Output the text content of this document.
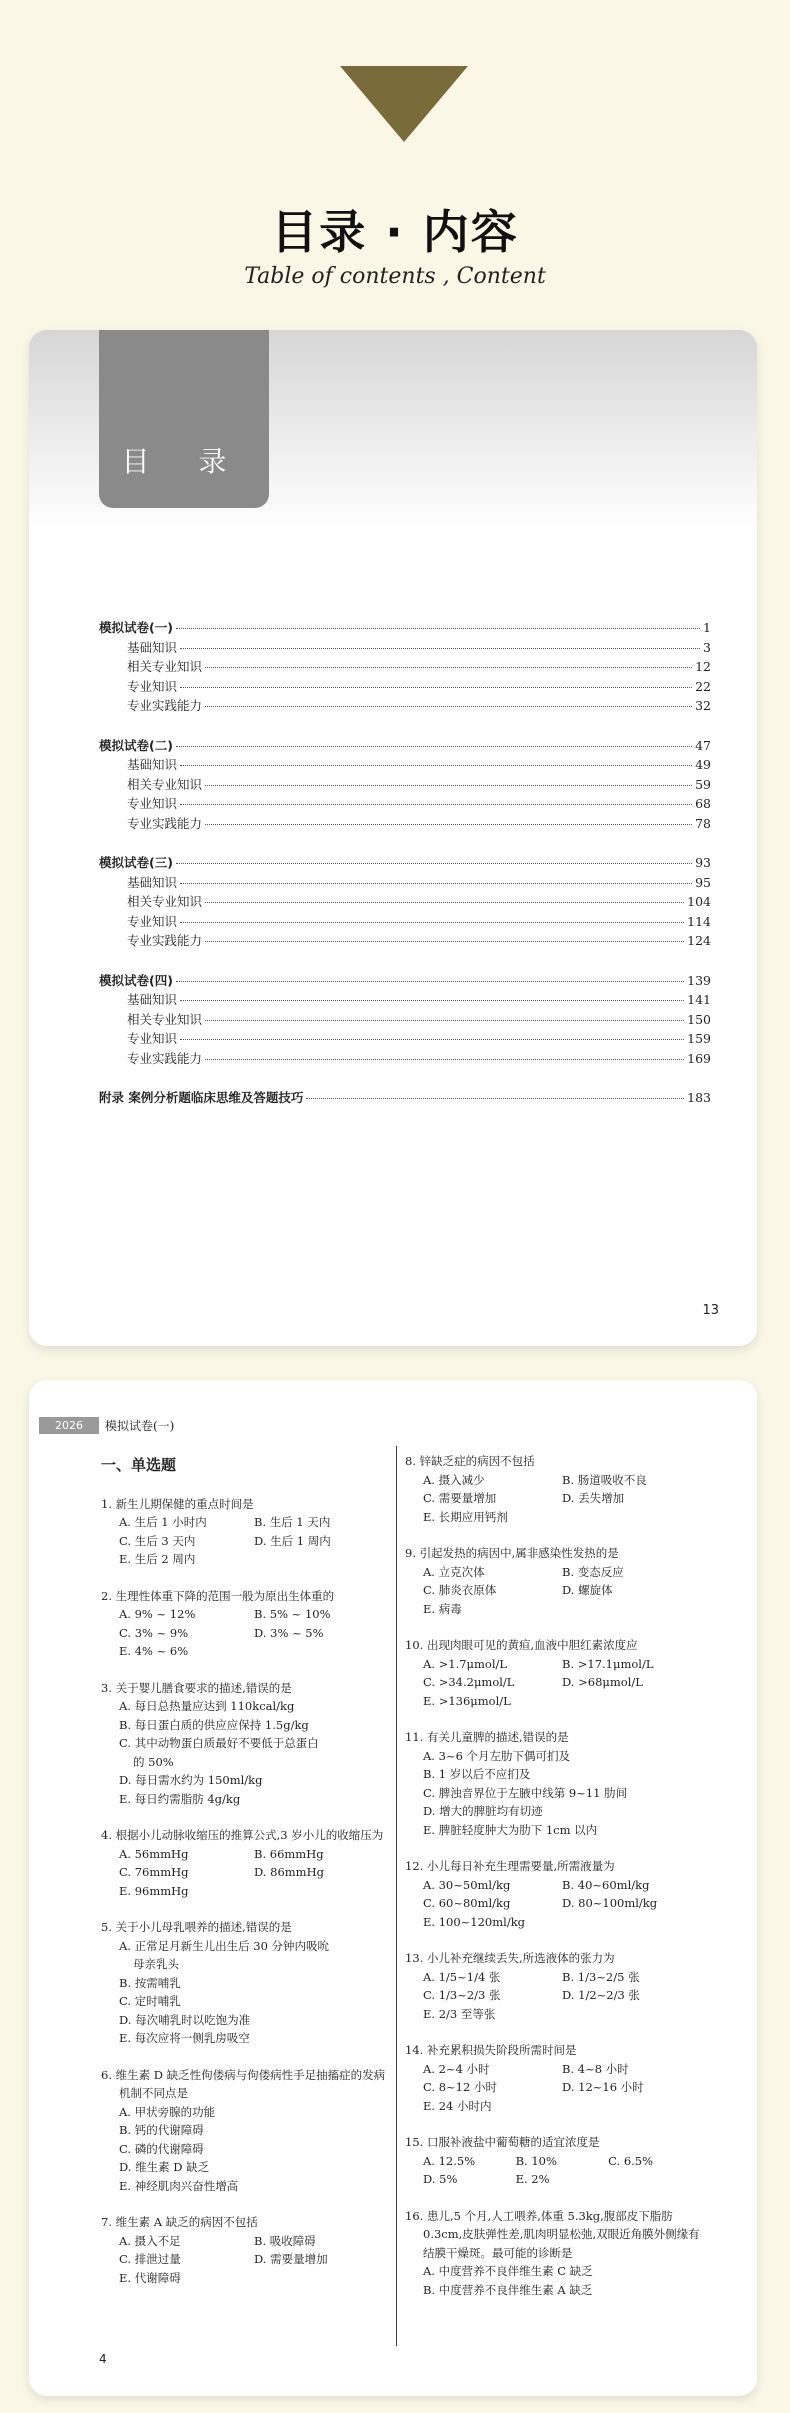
目录 · 内容
Table of contents , Content
目 录
模拟试卷(一)	1
基础知识	3
相关专业知识	12
专业知识	22
专业实践能力	32
模拟试卷(二)	47
基础知识	49
相关专业知识	59
专业知识	68
专业实践能力	78
模拟试卷(三)	93
基础知识	95
相关专业知识	104
专业知识	114
专业实践能力	124
模拟试卷(四)	139
基础知识	141
相关专业知识	150
专业知识	159
专业实践能力	169
附录 案例分析题临床思维及答题技巧	183
13
2026	模拟试卷(一)
一、单选题
1. 新生儿期保健的重点时间是
A. 生后 1 小时内	B. 生后 1 天内
C. 生后 3 天内	D. 生后 1 周内
E. 生后 2 周内
2. 生理性体重下降的范围一般为原出生体重的
A. 9% ~ 12%	B. 5% ~ 10%
C. 3% ~ 9%	D. 3% ~ 5%
E. 4% ~ 6%
3. 关于婴儿膳食要求的描述,错误的是
A. 每日总热量应达到 110kcal/kg
B. 每日蛋白质的供应应保持 1.5g/kg
C. 其中动物蛋白质最好不要低于总蛋白
的 50%
D. 每日需水约为 150ml/kg
E. 每日约需脂肪 4g/kg
4. 根据小儿动脉收缩压的推算公式,3 岁小儿的收缩压为
A. 56mmHg	B. 66mmHg
C. 76mmHg	D. 86mmHg
E. 96mmHg
5. 关于小儿母乳喂养的描述,错误的是
A. 正常足月新生儿出生后 30 分钟内吸吮
母亲乳头
B. 按需哺乳
C. 定时哺乳
D. 每次哺乳时以吃饱为准
E. 每次应将一侧乳房吸空
6. 维生素 D 缺乏性佝偻病与佝偻病性手足抽搐症的发病机制不同点是
A. 甲状旁腺的功能
B. 钙的代谢障碍
C. 磷的代谢障碍
D. 维生素 D 缺乏
E. 神经肌肉兴奋性增高
7. 维生素 A 缺乏的病因不包括
A. 摄入不足	B. 吸收障碍
C. 排泄过量	D. 需要量增加
E. 代谢障碍
8. 锌缺乏症的病因不包括
A. 摄入减少	B. 肠道吸收不良
C. 需要量增加	D. 丢失增加
E. 长期应用钙剂
9. 引起发热的病因中,属非感染性发热的是
A. 立克次体	B. 变态反应
C. 肺炎衣原体	D. 螺旋体
E. 病毒
10. 出现肉眼可见的黄疸,血液中胆红素浓度应
A. >1.7μmol/L	B. >17.1μmol/L
C. >34.2μmol/L	D. >68μmol/L
E. >136μmol/L
11. 有关儿童脾的描述,错误的是
A. 3~6 个月左肋下偶可扪及
B. 1 岁以后不应扪及
C. 脾浊音界位于左腋中线第 9~11 肋间
D. 增大的脾脏均有切迹
E. 脾脏轻度肿大为肋下 1cm 以内
12. 小儿每日补充生理需要量,所需液量为
A. 30~50ml/kg	B. 40~60ml/kg
C. 60~80ml/kg	D. 80~100ml/kg
E. 100~120ml/kg
13. 小儿补充继续丢失,所选液体的张力为
A. 1/5~1/4 张	B. 1/3~2/5 张
C. 1/3~2/3 张	D. 1/2~2/3 张
E. 2/3 至等张
14. 补充累积损失阶段所需时间是
A. 2~4 小时	B. 4~8 小时
C. 8~12 小时	D. 12~16 小时
E. 24 小时内
15. 口服补液盐中葡萄糖的适宜浓度是
A. 12.5%	B. 10%	C. 6.5%
D. 5%	E. 2%
16. 患儿,5 个月,人工喂养,体重 5.3kg,腹部皮下脂肪 0.3cm,皮肤弹性差,肌肉明显松弛,双眼近角膜外侧缘有结膜干燥斑。最可能的诊断是
A. 中度营养不良伴维生素 C 缺乏
B. 中度营养不良伴维生素 A 缺乏
4
